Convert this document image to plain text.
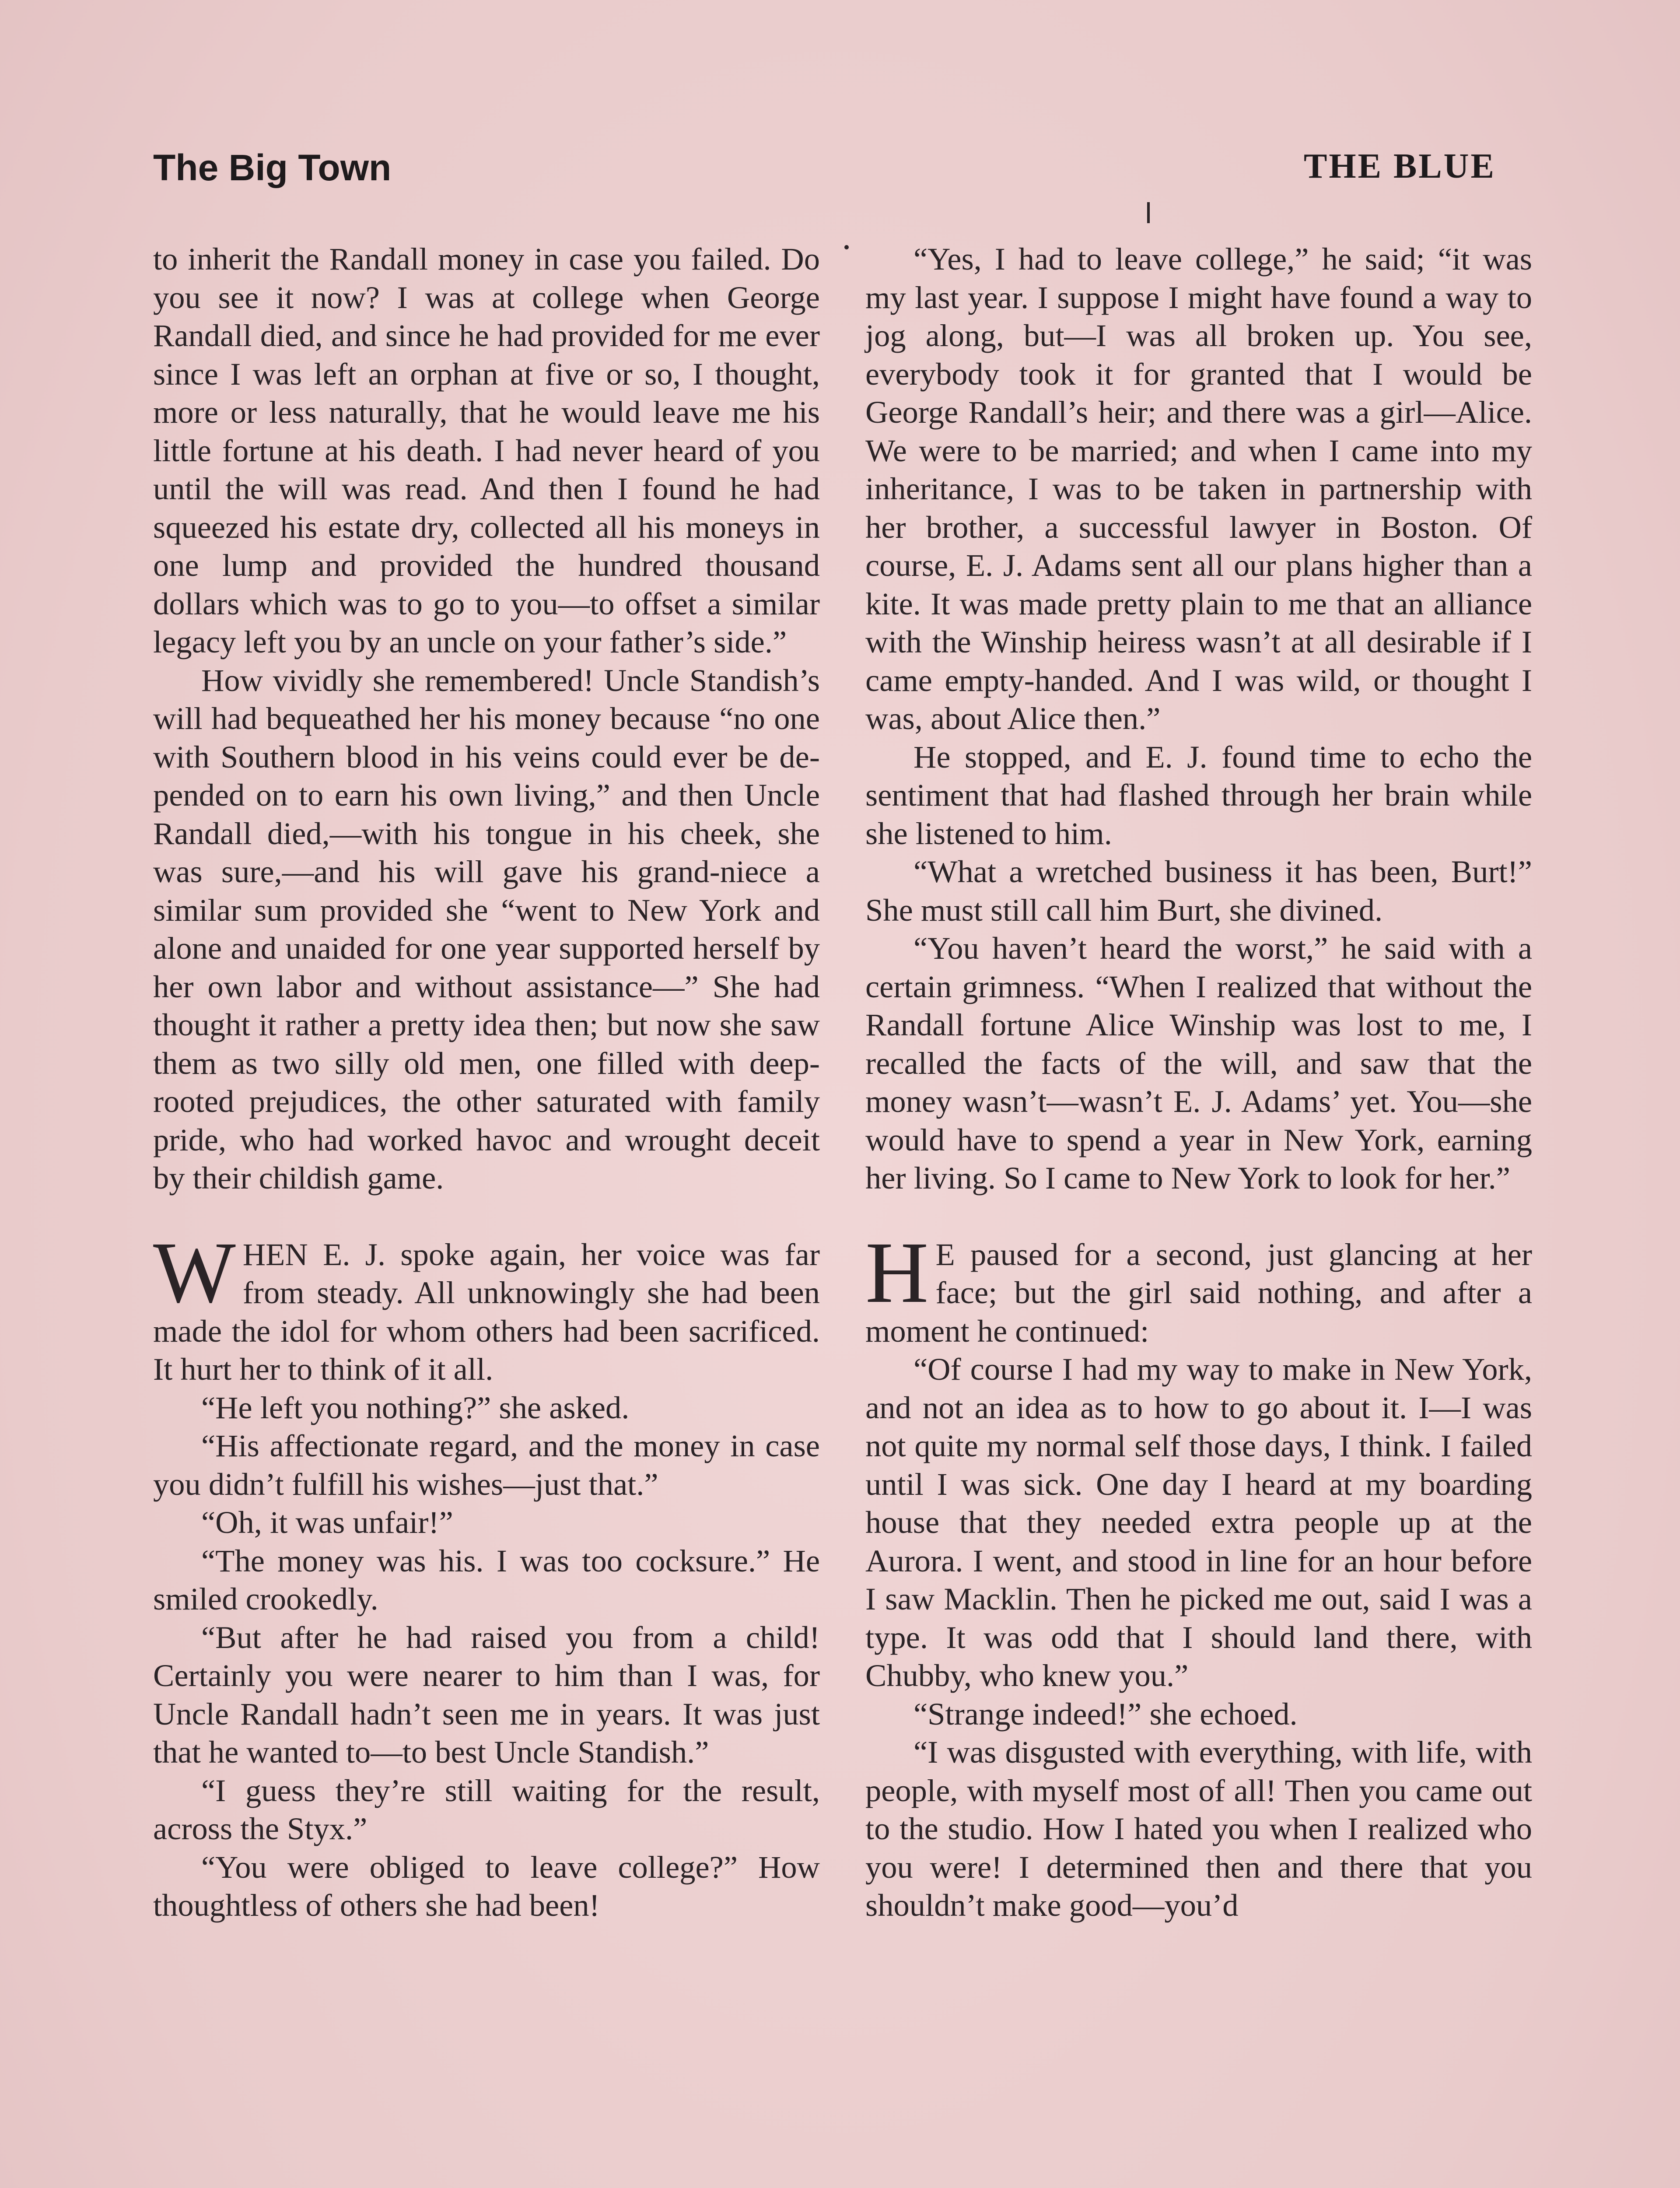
The Big Town	THE BLUE

to inherit the Randall money in case you failed. Do you see it now? I was at college when George Randall died, and since he had provided for me ever since I was left an orphan at five or so, I thought, more or less naturally, that he would leave me his little fortune at his death. I had never heard of you until the will was read. And then I found he had squeezed his estate dry, collected all his moneys in one lump and provided the hundred thousand dollars which was to go to you—to offset a similar legacy left you by an uncle on your father’s side.”

How vividly she remembered! Uncle Standish’s will had bequeathed her his money because “no one with Southern blood in his veins could ever be depended on to earn his own living,” and then Uncle Randall died,—with his tongue in his cheek, she was sure,—and his will gave his grand-niece a similar sum provided she “went to New York and alone and unaided for one year supported herself by her own labor and without assistance—” She had thought it rather a pretty idea then; but now she saw them as two silly old men, one filled with deep-rooted prejudices, the other saturated with family pride, who had worked havoc and wrought deceit by their childish game.

WHEN E. J. spoke again, her voice was far from steady. All unknowingly she had been made the idol for whom others had been sacrificed. It hurt her to think of it all.

“He left you nothing?” she asked.

“His affectionate regard, and the money in case you didn’t fulfill his wishes—just that.”

“Oh, it was unfair!”

“The money was his. I was too cocksure.” He smiled crookedly.

“But after he had raised you from a child! Certainly you were nearer to him than I was, for Uncle Randall hadn’t seen me in years. It was just that he wanted to—to best Uncle Standish.”

“I guess they’re still waiting for the result, across the Styx.”

“You were obliged to leave college?” How thoughtless of others she had been!

“Yes, I had to leave college,” he said; “it was my last year. I suppose I might have found a way to jog along, but—I was all broken up. You see, everybody took it for granted that I would be George Randall’s heir; and there was a girl—Alice. We were to be married; and when I came into my inheritance, I was to be taken in partnership with her brother, a successful lawyer in Boston. Of course, E. J. Adams sent all our plans higher than a kite. It was made pretty plain to me that an alliance with the Winship heiress wasn’t at all desirable if I came empty-handed. And I was wild, or thought I was, about Alice then.”

He stopped, and E. J. found time to echo the sentiment that had flashed through her brain while she listened to him.

“What a wretched business it has been, Burt!” She must still call him Burt, she divined.

“You haven’t heard the worst,” he said with a certain grimness. “When I realized that without the Randall fortune Alice Winship was lost to me, I recalled the facts of the will, and saw that the money wasn’t—wasn’t E. J. Adams’ yet. You—she would have to spend a year in New York, earning her living. So I came to New York to look for her.”

H E paused for a second, just glancing at her face; but the girl said nothing, and after a moment he continued:

“Of course I had my way to make in New York, and not an idea as to how to go about it. I—I was not quite my normal self those days, I think. I failed until I was sick. One day I heard at my boarding house that they needed extra people up at the Aurora. I went, and stood in line for an hour before I saw Macklin. Then he picked me out, said I was a type. It was odd that I should land there, with Chubby, who knew you.”

“Strange indeed!” she echoed.

“I was disgusted with everything, with life, with people, with myself most of all! Then you came out to the studio. How I hated you when I realized who you were! I determined then and there that you shouldn’t make good—you’d
